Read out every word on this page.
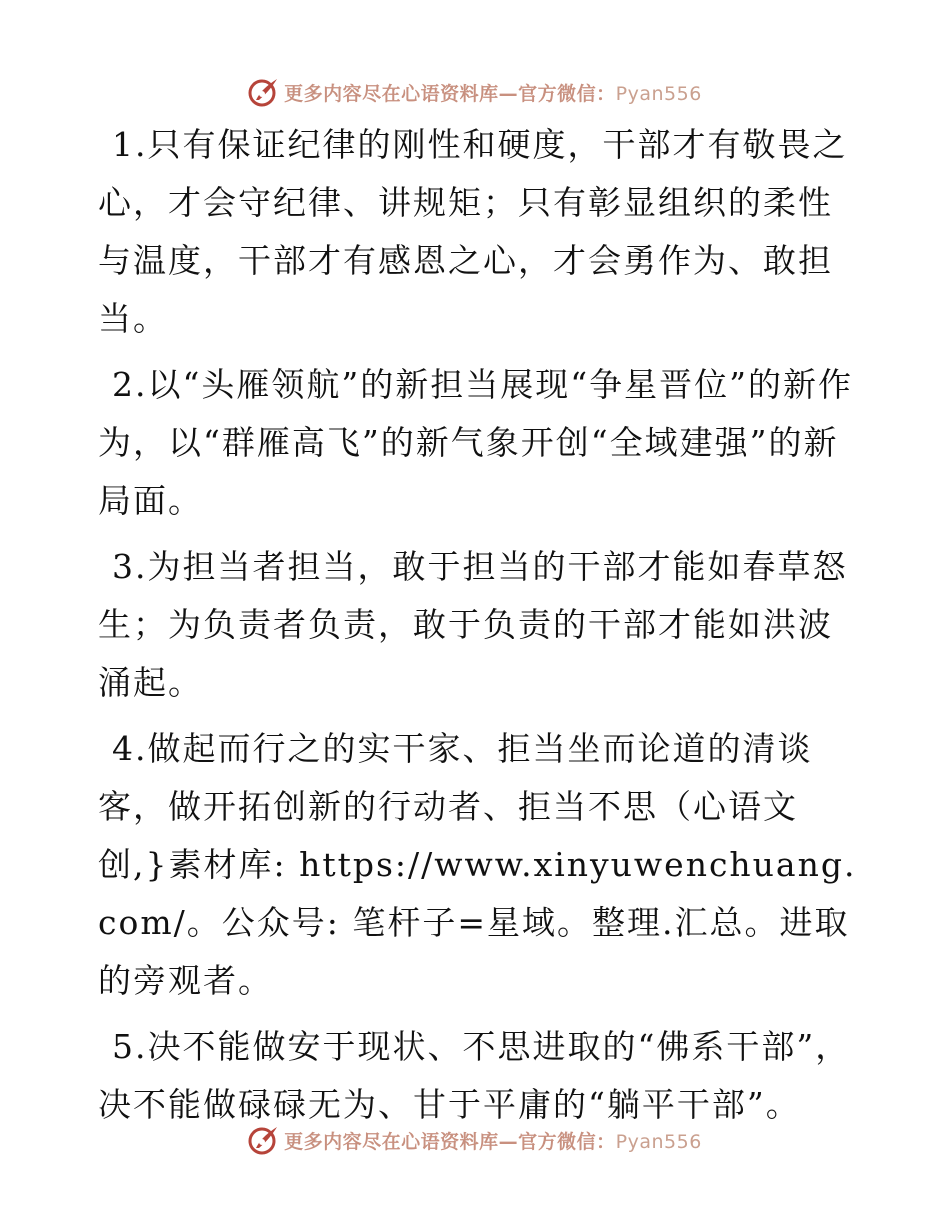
更多内容尽在心语资料库—官方微信：Pyan556

1.只有保证纪律的刚性和硬度，干部才有敬畏之心，才会守纪律、讲规矩；只有彰显组织的柔性与温度，干部才有感恩之心，才会勇作为、敢担当。

2.以“头雁领航”的新担当展现“争星晋位”的新作为，以“群雁高飞”的新气象开创“全域建强”的新局面。

3.为担当者担当，敢于担当的干部才能如春草怒生；为负责者负责，敢于负责的干部才能如洪波涌起。

4.做起而行之的实干家、拒当坐而论道的清谈客，做开拓创新的行动者、拒当不思（心语文创,}素材库: https://www.xinyuwenchuang.com/。公众号: 笔杆子=星域。整理.汇总。进取的旁观者。

5.决不能做安于现状、不思进取的“佛系干部”，决不能做碌碌无为、甘于平庸的“躺平干部”。

更多内容尽在心语资料库—官方微信：Pyan556
